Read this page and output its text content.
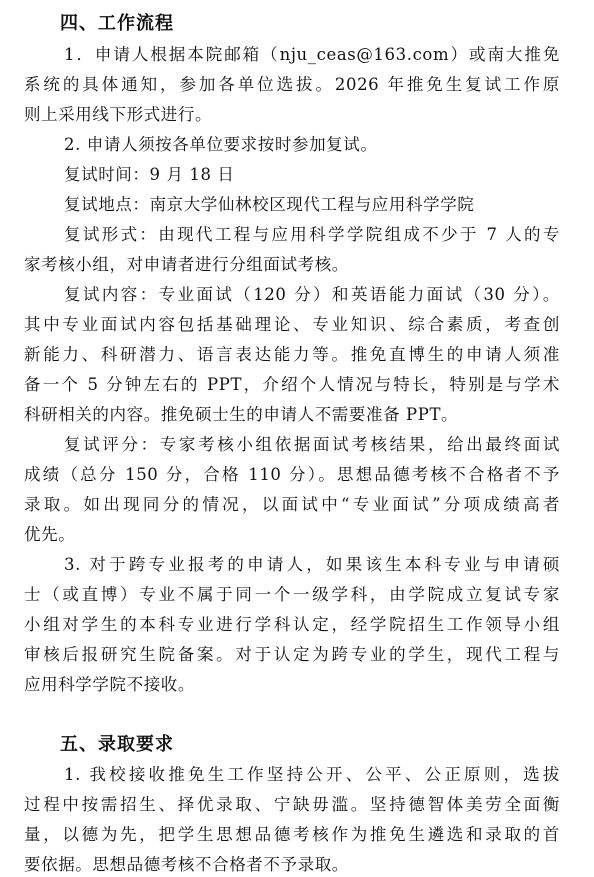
四、工作流程
1．申请人根据本院邮箱（nju_ceas@163.com）或南大推免
系统的具体通知，参加各单位选拔。2026 年推免生复试工作原
则上采用线下形式进行。
2. 申请人须按各单位要求按时参加复试。
复试时间：9 月 18 日
复试地点：南京大学仙林校区现代工程与应用科学学院
复试形式：由现代工程与应用科学学院组成不少于 7 人的专
家考核小组，对申请者进行分组面试考核。
复试内容：专业面试（120 分）和英语能力面试（30 分）。
其中专业面试内容包括基础理论、专业知识、综合素质，考查创
新能力、科研潜力、语言表达能力等。推免直博生的申请人须准
备一个 5 分钟左右的 PPT，介绍个人情况与特长，特别是与学术
科研相关的内容。推免硕士生的申请人不需要准备 PPT。
复试评分：专家考核小组依据面试考核结果，给出最终面试
成绩（总分 150 分，合格 110 分）。思想品德考核不合格者不予
录取。如出现同分的情况，以面试中“专业面试”分项成绩高者
优先。
3. 对于跨专业报考的申请人，如果该生本科专业与申请硕
士（或直博）专业不属于同一个一级学科，由学院成立复试专家
小组对学生的本科专业进行学科认定，经学院招生工作领导小组
审核后报研究生院备案。对于认定为跨专业的学生，现代工程与
应用科学学院不接收。
五、录取要求
1. 我校接收推免生工作坚持公开、公平、公正原则，选拔
过程中按需招生、择优录取、宁缺毋滥。坚持德智体美劳全面衡
量，以德为先，把学生思想品德考核作为推免生遴选和录取的首
要依据。思想品德考核不合格者不予录取。
